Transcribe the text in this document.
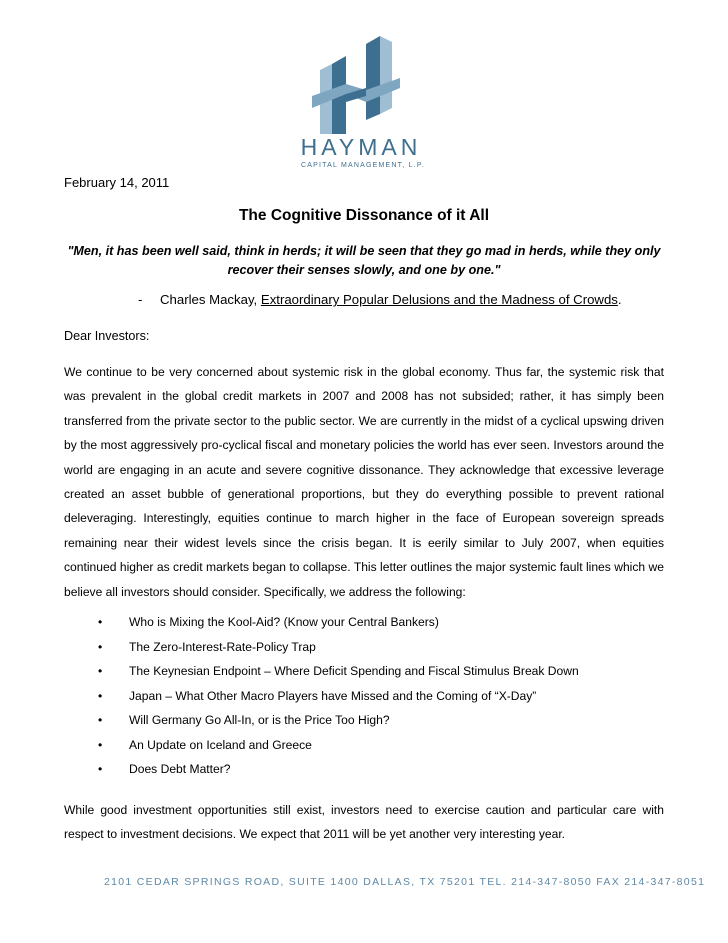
HAYMAN
CAPITAL MANAGEMENT, L.P.
February 14, 2011
The Cognitive Dissonance of it All
"Men, it has been well said, think in herds; it will be seen that they go mad in herds, while they only recover their senses slowly, and one by one."
- Charles Mackay, Extraordinary Popular Delusions and the Madness of Crowds.
Dear Investors:
We continue to be very concerned about systemic risk in the global economy. Thus far, the systemic risk that was prevalent in the global credit markets in 2007 and 2008 has not subsided; rather, it has simply been transferred from the private sector to the public sector. We are currently in the midst of a cyclical upswing driven by the most aggressively pro-cyclical fiscal and monetary policies the world has ever seen. Investors around the world are engaging in an acute and severe cognitive dissonance. They acknowledge that excessive leverage created an asset bubble of generational proportions, but they do everything possible to prevent rational deleveraging. Interestingly, equities continue to march higher in the face of European sovereign spreads remaining near their widest levels since the crisis began. It is eerily similar to July 2007, when equities continued higher as credit markets began to collapse. This letter outlines the major systemic fault lines which we believe all investors should consider. Specifically, we address the following:
• Who is Mixing the Kool-Aid? (Know your Central Bankers)
• The Zero-Interest-Rate-Policy Trap
• The Keynesian Endpoint – Where Deficit Spending and Fiscal Stimulus Break Down
• Japan – What Other Macro Players have Missed and the Coming of “X-Day”
• Will Germany Go All-In, or is the Price Too High?
• An Update on Iceland and Greece
• Does Debt Matter?
While good investment opportunities still exist, investors need to exercise caution and particular care with respect to investment decisions. We expect that 2011 will be yet another very interesting year.
2101 CEDAR SPRINGS ROAD, SUITE 1400 DALLAS, TX 75201 TEL. 214-347-8050 FAX 214-347-8051
